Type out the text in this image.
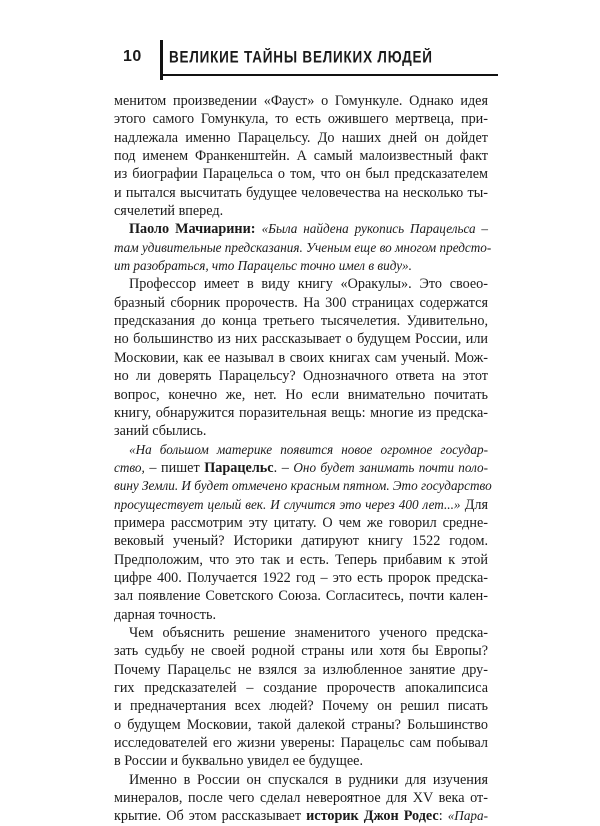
10 ВЕЛИКИЕ ТАЙНЫ ВЕЛИКИХ ЛЮДЕЙ
менитом произведении «Фауст» о Гомункуле. Однако идея
этого самого Гомункула, то есть ожившего мертвеца, при-
надлежала именно Парацельсу. До наших дней он дойдет
под именем Франкенштейн. А самый малоизвестный факт
из биографии Парацельса о том, что он был предсказателем
и пытался высчитать будущее человечества на несколько ты-
сячелетий вперед.
Паоло Мачиарини: «Была найдена рукопись Парацельса –
там удивительные предсказания. Ученым еще во многом предсто-
ит разобраться, что Парацельс точно имел в виду».
Профессор имеет в виду книгу «Оракулы». Это своео-
бразный сборник пророчеств. На 300 страницах содержатся
предсказания до конца третьего тысячелетия. Удивительно,
но большинство из них рассказывает о будущем России, или
Московии, как ее называл в своих книгах сам ученый. Мож-
но ли доверять Парацельсу? Однозначного ответа на этот
вопрос, конечно же, нет. Но если внимательно почитать
книгу, обнаружится поразительная вещь: многие из предска-
заний сбылись.
«На большом материке появится новое огромное государ-
ство, – пишет Парацельс. – Оно будет занимать почти поло-
вину Земли. И будет отмечено красным пятном. Это государство
просуществует целый век. И случится это через 400 лет...» Для
примера рассмотрим эту цитату. О чем же говорил средне-
вековый ученый? Историки датируют книгу 1522 годом.
Предположим, что это так и есть. Теперь прибавим к этой
цифре 400. Получается 1922 год – это есть пророк предска-
зал появление Советского Союза. Согласитесь, почти кален-
дарная точность.
Чем объяснить решение знаменитого ученого предска-
зать судьбу не своей родной страны или хотя бы Европы?
Почему Парацельс не взялся за излюбленное занятие дру-
гих предсказателей – создание пророчеств апокалипсиса
и предначертания всех людей? Почему он решил писать
о будущем Московии, такой далекой страны? Большинство
исследователей его жизни уверены: Парацельс сам побывал
в России и буквально увидел ее будущее.
Именно в России он спускался в рудники для изучения
минералов, после чего сделал невероятное для XV века от-
крытие. Об этом рассказывает историк Джон Родес: «Пара-
